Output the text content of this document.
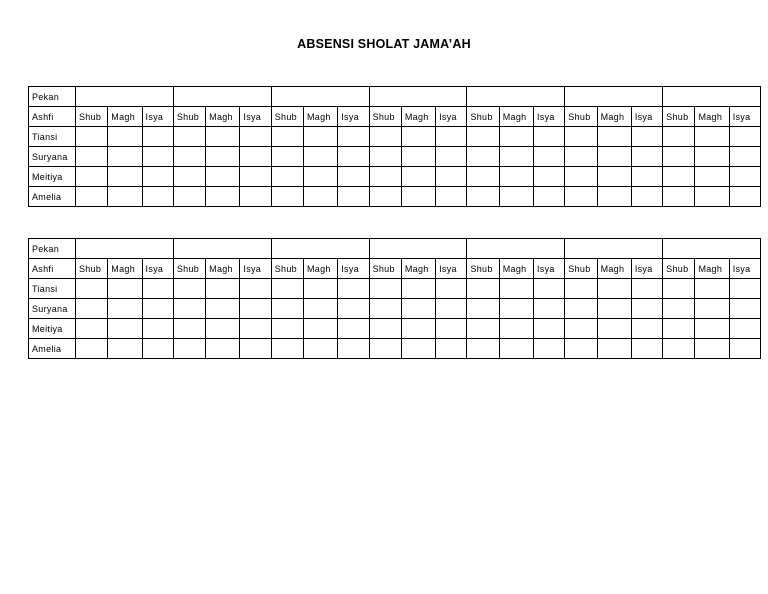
ABSENSI SHOLAT JAMA’AH
Pekan																					
Ashfi	Shub	Magh	Isya	Shub	Magh	Isya	Shub	Magh	Isya	Shub	Magh	Isya	Shub	Magh	Isya	Shub	Magh	Isya	Shub	Magh	Isya
Tiansi																					
Suryana																					
Meitiya																					
Amelia																					
Pekan																					
Ashfi	Shub	Magh	Isya	Shub	Magh	Isya	Shub	Magh	Isya	Shub	Magh	Isya	Shub	Magh	Isya	Shub	Magh	Isya	Shub	Magh	Isya
Tiansi																					
Suryana																					
Meitiya																					
Amelia																					
